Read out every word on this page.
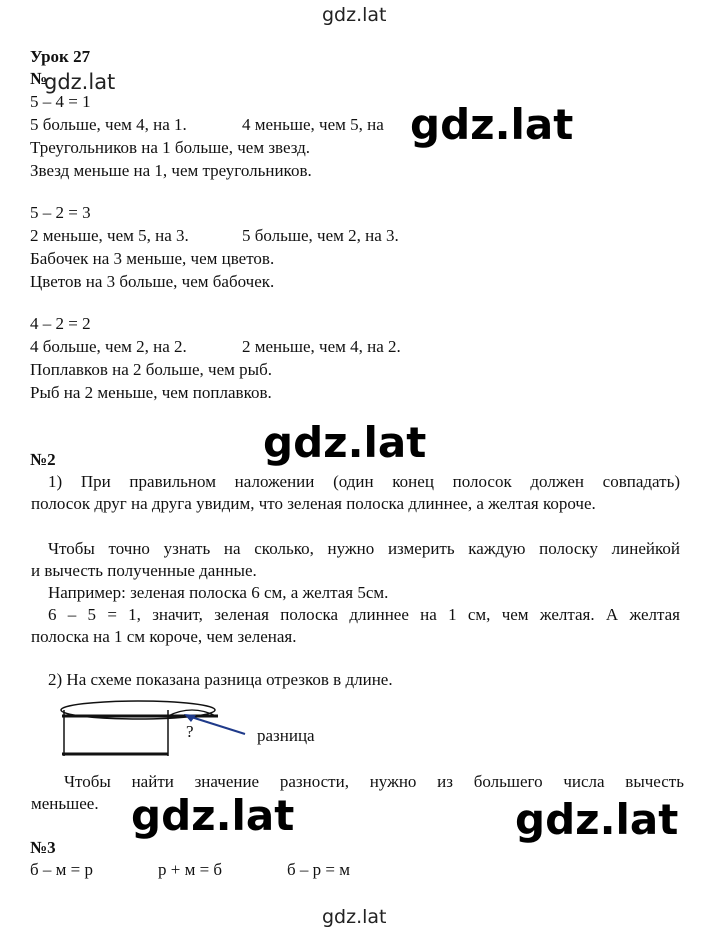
gdz.lat
gdz.lat
gdz.lat
gdz.lat	gdz.lat
gdz.lat
Урок 27
№
gdz.lat
5 – 4 = 1
5 больше, чем 4, на 1.	4 меньше, чем 5, на
Треугольников на 1 больше, чем звезд.
Звезд меньше на 1, чем треугольников.
5 – 2 = 3
2 меньше, чем 5, на 3.	5 больше, чем 2, на 3.
Бабочек на 3 меньше, чем цветов.
Цветов на 3 больше, чем бабочек.
4 – 2 = 2
4 больше, чем 2, на 2.	2 меньше, чем 4, на 2.
Поплавков на 2 больше, чем рыб.
Рыб на 2 меньше, чем поплавков.
№2
1) При правильном наложении (один конец полосок должен совпадать)
полосок друг на друга увидим, что зеленая полоска длиннее, а желтая короче.
Чтобы точно узнать на сколько, нужно измерить каждую полоску линейкой
и вычесть полученные данные.
Например: зеленая полоска 6 см, а желтая 5см.
6 – 5 = 1, значит, зеленая полоска длиннее на 1 см, чем желтая. А желтая
полоска на 1 см короче, чем зеленая.
2) На схеме показана разница отрезков в длине.
?	разница
Чтобы найти значение разности, нужно из большего числа вычесть
меньшее.
№3
б – м = р	р + м = б	б – р = м
